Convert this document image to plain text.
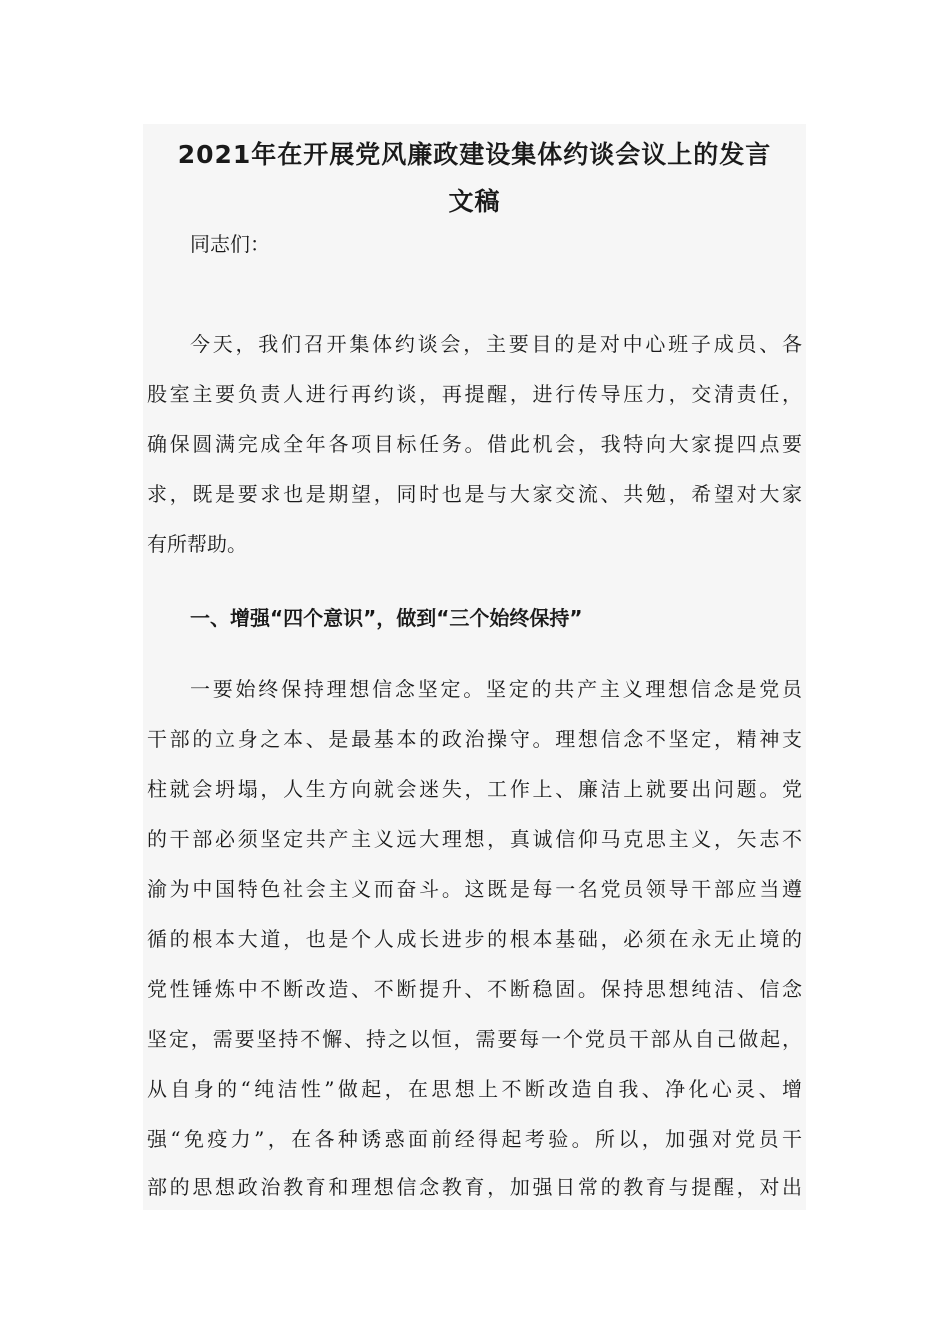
2021年在开展党风廉政建设集体约谈会议上的发言
文稿

同志们：

今天，我们召开集体约谈会，主要目的是对中心班子成员、各

股室主要负责人进行再约谈，再提醒，进行传导压力，交清责任，

确保圆满完成全年各项目标任务。借此机会，我特向大家提四点要

求，既是要求也是期望，同时也是与大家交流、共勉，希望对大家

有所帮助。

一、增强“四个意识”，做到“三个始终保持”

一要始终保持理想信念坚定。坚定的共产主义理想信念是党员

干部的立身之本、是最基本的政治操守。理想信念不坚定，精神支

柱就会坍塌，人生方向就会迷失，工作上、廉洁上就要出问题。党

的干部必须坚定共产主义远大理想，真诚信仰马克思主义，矢志不

渝为中国特色社会主义而奋斗。这既是每一名党员领导干部应当遵

循的根本大道，也是个人成长进步的根本基础，必须在永无止境的

党性锤炼中不断改造、不断提升、不断稳固。保持思想纯洁、信念

坚定，需要坚持不懈、持之以恒，需要每一个党员干部从自己做起，

从自身的“纯洁性”做起，在思想上不断改造自我、净化心灵、增

强“免疫力”，在各种诱惑面前经得起考验。所以，加强对党员干

部的思想政治教育和理想信念教育，加强日常的教育与提醒，对出
